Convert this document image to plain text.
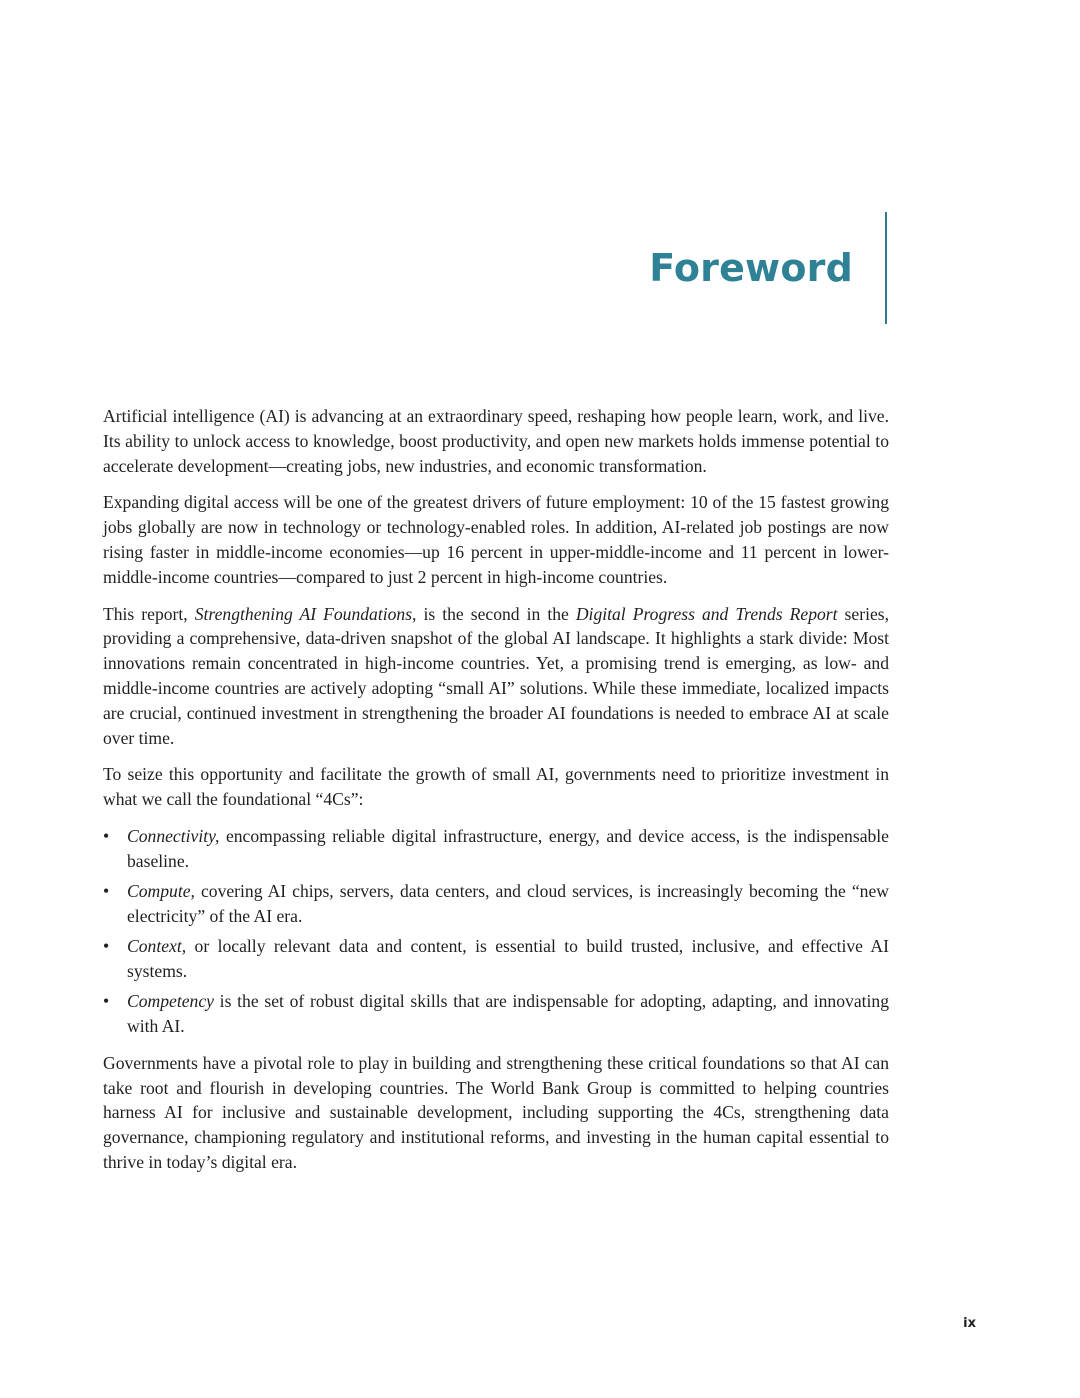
Foreword

Artificial intelligence (AI) is advancing at an extraordinary speed, reshaping how people learn, work, and live. Its ability to unlock access to knowledge, boost productivity, and open new markets holds immense potential to accelerate development—creating jobs, new industries, and economic transformation.

Expanding digital access will be one of the greatest drivers of future employment: 10 of the 15 fastest growing jobs globally are now in technology or technology-enabled roles. In addition, AI-related job postings are now rising faster in middle-income economies—up 16 percent in upper-middle-income and 11 percent in lower-middle-income countries—compared to just 2 percent in high-income countries.

This report, Strengthening AI Foundations, is the second in the Digital Progress and Trends Report series, providing a comprehensive, data-driven snapshot of the global AI landscape. It highlights a stark divide: Most innovations remain concentrated in high-income countries. Yet, a promising trend is emerging, as low- and middle-income countries are actively adopting “small AI” solutions. While these immediate, localized impacts are crucial, continued investment in strengthening the broader AI foundations is needed to embrace AI at scale over time.

To seize this opportunity and facilitate the growth of small AI, governments need to prioritize investment in what we call the foundational “4Cs”:

• Connectivity, encompassing reliable digital infrastructure, energy, and device access, is the indispensable baseline.
• Compute, covering AI chips, servers, data centers, and cloud services, is increasingly becoming the “new electricity” of the AI era.
• Context, or locally relevant data and content, is essential to build trusted, inclusive, and effective AI systems.
• Competency is the set of robust digital skills that are indispensable for adopting, adapting, and innovating with AI.

Governments have a pivotal role to play in building and strengthening these critical foundations so that AI can take root and flourish in developing countries. The World Bank Group is committed to helping countries harness AI for inclusive and sustainable development, including supporting the 4Cs, strengthening data governance, championing regulatory and institutional reforms, and investing in the human capital essential to thrive in today’s digital era.

ix
